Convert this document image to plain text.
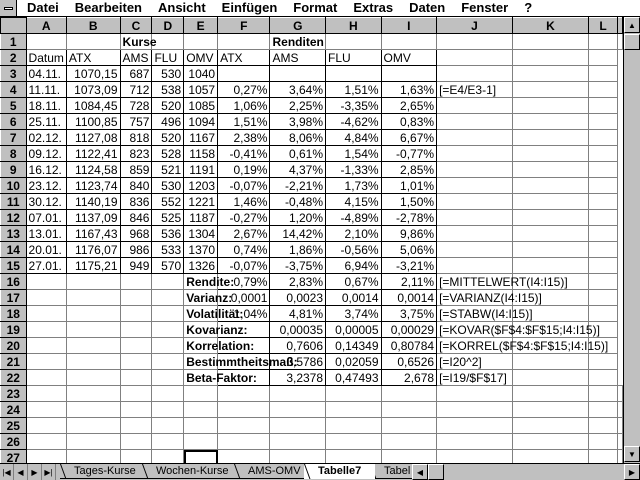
Datei	Bearbeiten	Ansicht	Einfügen	Format	Extras	Daten	Fenster	?
	A	B	C	D	E	F	G	H	I	J	K	L	
1			Kurse				Renditen						

2	Datum	ATX	AMS	FLU	OMV	ATX	AMS	FLU	OMV				
3	04.11.	1070,15	687	530	1040						

4	11.11.	1073,09	712	538	1057	0,27%	3,64%	1,51%	1,63%	[=E4/E3-1]			

5	18.11.	1084,45	728	520	1085	1,06%	2,25%	-3,35%	2,65%		

6	25.11.	1100,85	757	496	1094	1,51%	3,98%	-4,62%	0,83%		

7	02.12.	1127,08	818	520	1167	2,38%	8,06%	4,84%	6,67%		

8	09.12.	1122,41	823	528	1158	-0,41%	0,61%	1,54%	-0,77%		

9	16.12.	1124,58	859	521	1191	0,19%	4,37%	-1,33%	2,85%		

10	23.12.	1123,74	840	530	1203	-0,07%	-2,21%	1,73%	1,01%		

11	30.12.	1140,19	836	552	1221	1,46%	-0,48%	4,15%	1,50%		

12	07.01.	1137,09	846	525	1187	-0,27%	1,20%	-4,89%	-2,78%		

13	13.01.	1167,43	968	536	1304	2,67%	14,42%	2,10%	9,86%		

14	20.01.	1176,07	986	533	1370	0,74%	1,86%	-0,56%	5,06%		

15	27.01.	1175,21	949	570	1326	-0,07%	-3,75%	6,94%	-3,21%		

16					Rendite:	0,79%	2,83%	0,67%	2,11%	[=MITTELWERT(I4:I15)]			

17					Varianz:	0,0001	0,0023	0,0014	0,0014	[=VARIANZ(I4:I15)]			

18					Volatilität:	1,04%	4,81%	3,74%	3,75%	[=STABW(I4:I15)]			

19					Kovarianz:		0,00035	0,00005	0,00029	[=KOVAR($F$4:$F$15;I4:I15)]			

20					Korrelation:		0,7606	0,14349	0,80784	[=KORREL($F$4:$F$15;I4:I15)]			

21					Bestimmtheitsmaß:		0,5786	0,02059	0,6526	[=I20^2]			

22					Beta-Faktor:		3,2378	0,47493	2,678	[=I19/$F$17]			

23													
24													
25													
26													
27													

▲
▼
|◀ ◀ ▶ ▶|	Tages-Kurse	Wochen-Kurse	AMS-OMV	Tabelle7	Tabel ◀	▶
